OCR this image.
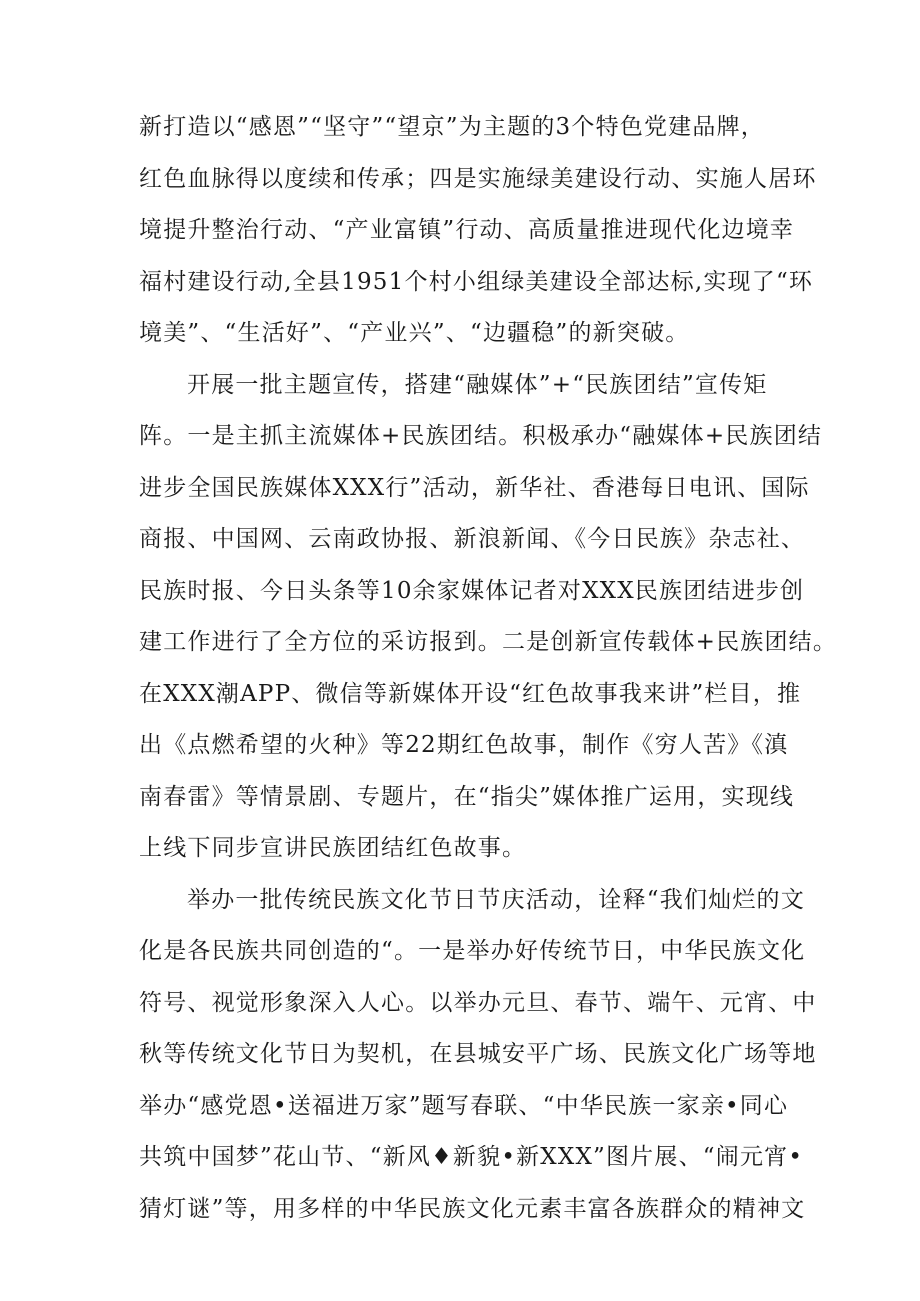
新打造以“感恩”“坚守”“望京”为主题的3个特色党建品牌，
红色血脉得以度续和传承；四是实施绿美建设行动、实施人居环
境提升整治行动、“产业富镇”行动、高质量推进现代化边境幸
福村建设行动,全县1951个村小组绿美建设全部达标,实现了“环
境美”、“生活好”、“产业兴”、“边疆稳”的新突破。
开展一批主题宣传，搭建“融媒体”+“民族团结”宣传矩
阵。一是主抓主流媒体+民族团结。积极承办“融媒体+民族团结
进步全国民族媒体XXX行”活动，新华社、香港每日电讯、国际
商报、中国网、云南政协报、新浪新闻、《今日民族》杂志社、
民族时报、今日头条等10余家媒体记者对XXX民族团结进步创
建工作进行了全方位的采访报到。二是创新宣传载体+民族团结。
在XXX潮APP、微信等新媒体开设“红色故事我来讲”栏目，推
出《点燃希望的火种》等22期红色故事，制作《穷人苦》《滇
南春雷》等情景剧、专题片，在“指尖”媒体推广运用，实现线
上线下同步宣讲民族团结红色故事。
举办一批传统民族文化节日节庆活动，诠释“我们灿烂的文
化是各民族共同创造的“。一是举办好传统节日，中华民族文化
符号、视觉形象深入人心。以举办元旦、春节、端午、元宵、中
秋等传统文化节日为契机，在县城安平广场、民族文化广场等地
举办“感党恩•送福进万家”题写春联、“中华民族一家亲•同心
共筑中国梦”花山节、“新风♦新貌•新XXX”图片展、“闹元宵•
猜灯谜”等，用多样的中华民族文化元素丰富各族群众的精神文
